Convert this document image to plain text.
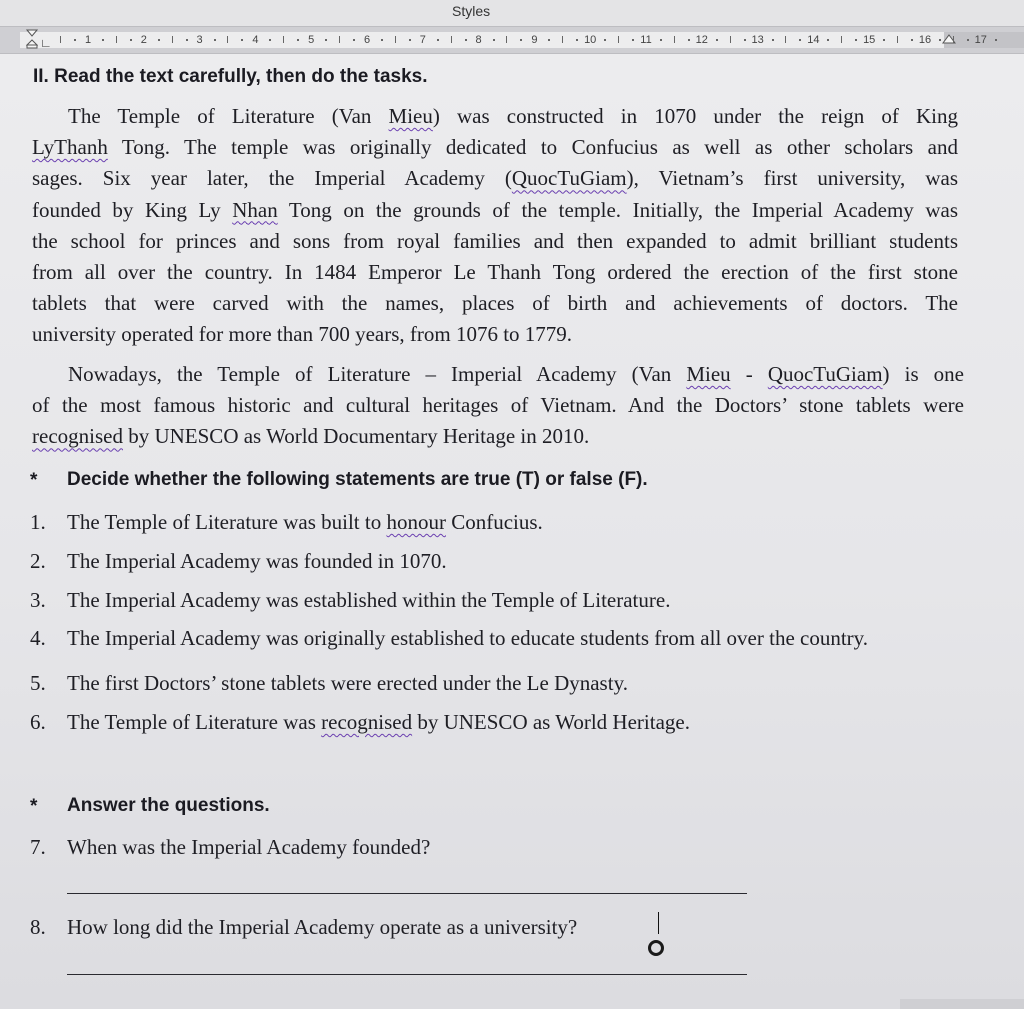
Styles
∟	1	2	3	4	5	6	7	8	9	10	11	12	13	14	15	16	17
II. Read the text carefully, then do the tasks.
The Temple of Literature (Van Mieu) was constructed in 1070 under the reign of King
LyThanh Tong. The temple was originally dedicated to Confucius as well as other scholars and
sages. Six year later, the Imperial Academy (QuocTuGiam), Vietnam’s first university, was
founded by King Ly Nhan Tong on the grounds of the temple. Initially, the Imperial Academy was
the school for princes and sons from royal families and then expanded to admit brilliant students
from all over the country. In 1484 Emperor Le Thanh Tong ordered the erection of the first stone
tablets that were carved with the names, places of birth and achievements of doctors. The
university operated for more than 700 years, from 1076 to 1779.
Nowadays, the Temple of Literature – Imperial Academy (Van Mieu - QuocTuGiam) is one
of the most famous historic and cultural heritages of Vietnam. And the Doctors’ stone tablets were
recognised by UNESCO as World Documentary Heritage in 2010.
* Decide whether the following statements are true (T) or false (F).
1. The Temple of Literature was built to honour Confucius.
2. The Imperial Academy was founded in 1070.
3. The Imperial Academy was established within the Temple of Literature.
4. The Imperial Academy was originally established to educate students from all over the country.
5. The first Doctors’ stone tablets were erected under the Le Dynasty.
6. The Temple of Literature was recognised by UNESCO as World Heritage.
* Answer the questions.
7. When was the Imperial Academy founded?
8. How long did the Imperial Academy operate as a university?
